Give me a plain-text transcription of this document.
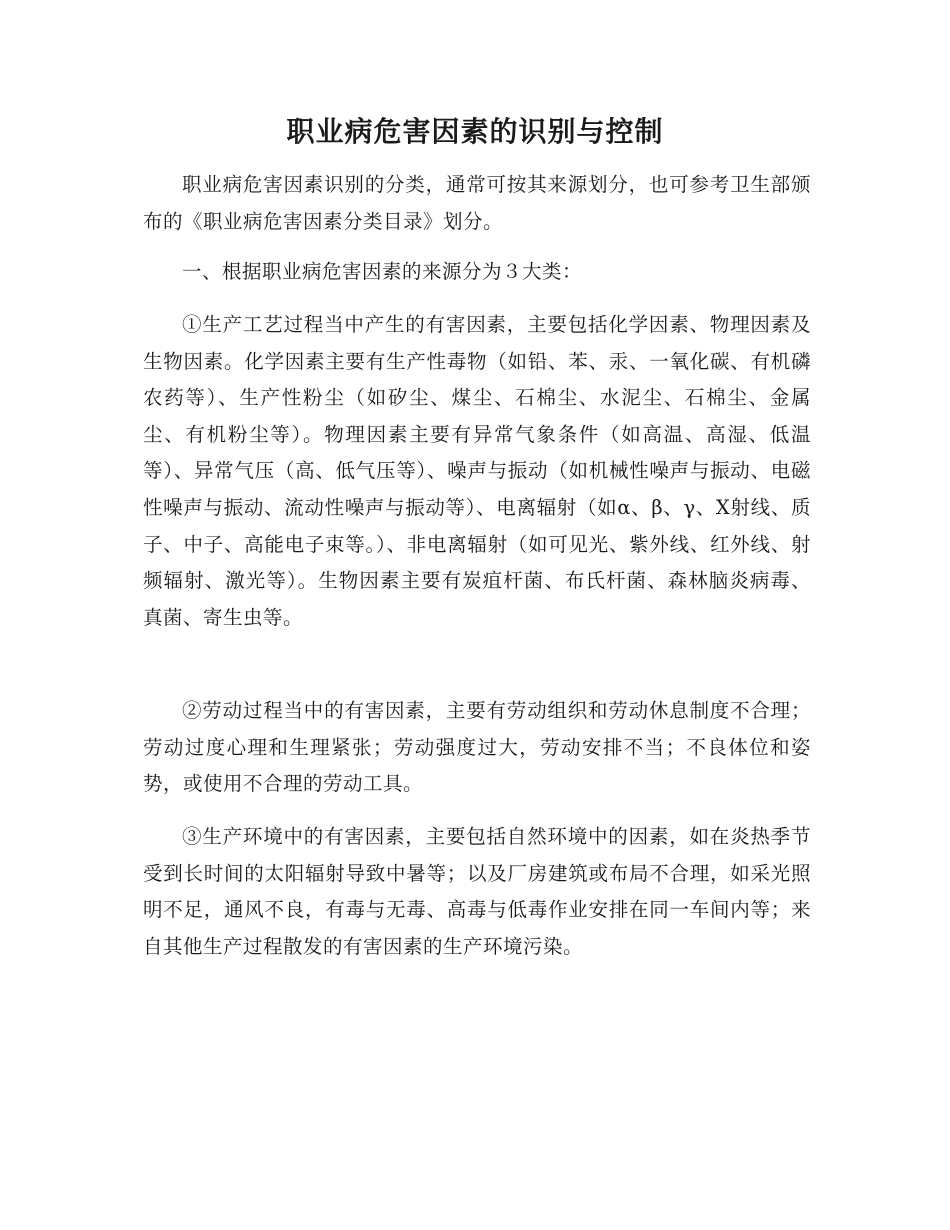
职业病危害因素的识别与控制

职业病危害因素识别的分类，通常可按其来源划分，也可参考卫生部颁布的《职业病危害因素分类目录》划分。

一、根据职业病危害因素的来源分为３大类：

①生产工艺过程当中产生的有害因素，主要包括化学因素、物理因素及生物因素。化学因素主要有生产性毒物（如铅、苯、汞、一氧化碳、有机磷农药等）、生产性粉尘（如矽尘、煤尘、石棉尘、水泥尘、石棉尘、金属尘、有机粉尘等）。物理因素主要有异常气象条件（如高温、高湿、低温等）、异常气压（高、低气压等）、噪声与振动（如机械性噪声与振动、电磁性噪声与振动、流动性噪声与振动等）、电离辐射（如α、β、γ、X射线、质子、中子、高能电子束等。）、非电离辐射（如可见光、紫外线、红外线、射频辐射、激光等）。生物因素主要有炭疽杆菌、布氏杆菌、森林脑炎病毒、真菌、寄生虫等。

②劳动过程当中的有害因素，主要有劳动组织和劳动休息制度不合理；劳动过度心理和生理紧张；劳动强度过大，劳动安排不当；不良体位和姿势，或使用不合理的劳动工具。

③生产环境中的有害因素，主要包括自然环境中的因素，如在炎热季节受到长时间的太阳辐射导致中暑等；以及厂房建筑或布局不合理，如采光照明不足，通风不良，有毒与无毒、高毒与低毒作业安排在同一车间内等；来自其他生产过程散发的有害因素的生产环境污染。
